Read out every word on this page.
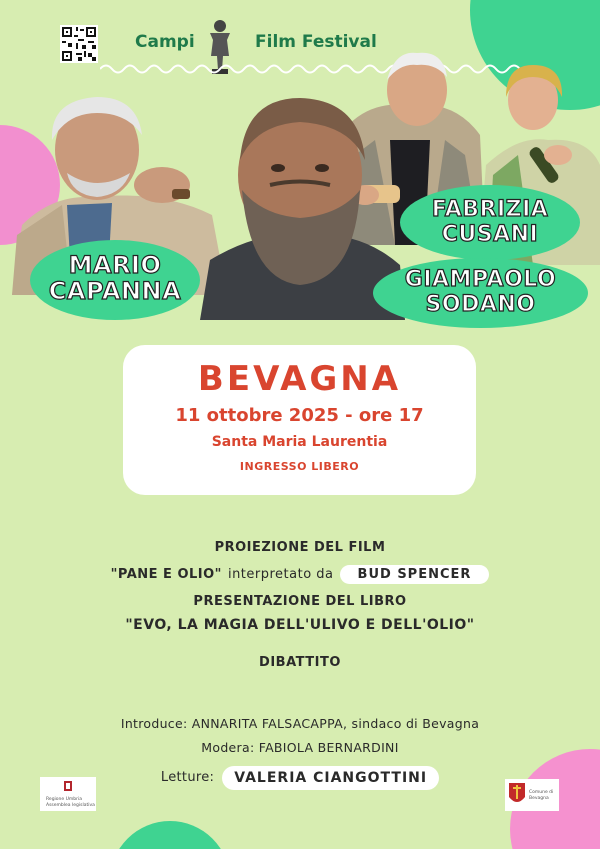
Campi	Film Festival
MARIO
CAPANNA
FABRIZIA
CUSANI
GIAMPAOLO
SODANO
BEVAGNA
11 ottobre 2025 - ore 17
Santa Maria Laurentia
INGRESSO LIBERO
PROIEZIONE DEL FILM
"PANE E OLIO" interpretato da	BUD SPENCER
PRESENTAZIONE DEL LIBRO
"EVO, LA MAGIA DELL'ULIVO E DELL'OLIO"
DIBATTITO
Introduce: ANNARITA FALSACAPPA, sindaco di Bevagna
Modera: FABIOLA BERNARDINI
Letture:	VALERIA CIANGOTTINI
Regione Umbria
Assemblea legislativa
Comune di
Bevagna
